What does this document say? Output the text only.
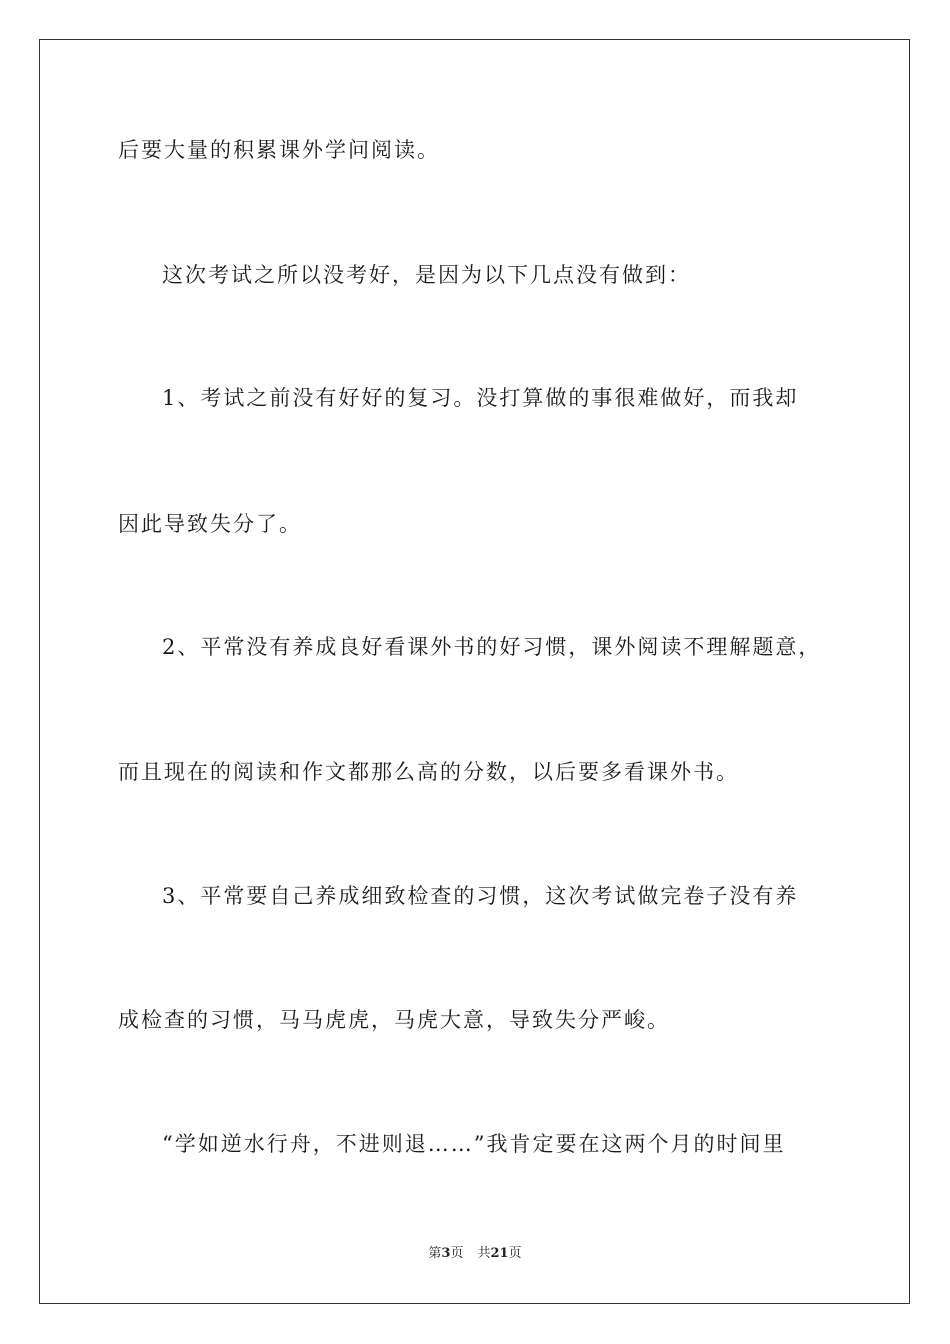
后要大量的积累课外学问阅读。
这次考试之所以没考好，是因为以下几点没有做到：
1、考试之前没有好好的复习。没打算做的事很难做好，而我却
因此导致失分了。
2、平常没有养成良好看课外书的好习惯，课外阅读不理解题意，
而且现在的阅读和作文都那么高的分数，以后要多看课外书。
3、平常要自己养成细致检查的习惯，这次考试做完卷子没有养
成检查的习惯，马马虎虎，马虎大意，导致失分严峻。
“学如逆水行舟，不进则退……”我肯定要在这两个月的时间里
第3页 共21页
